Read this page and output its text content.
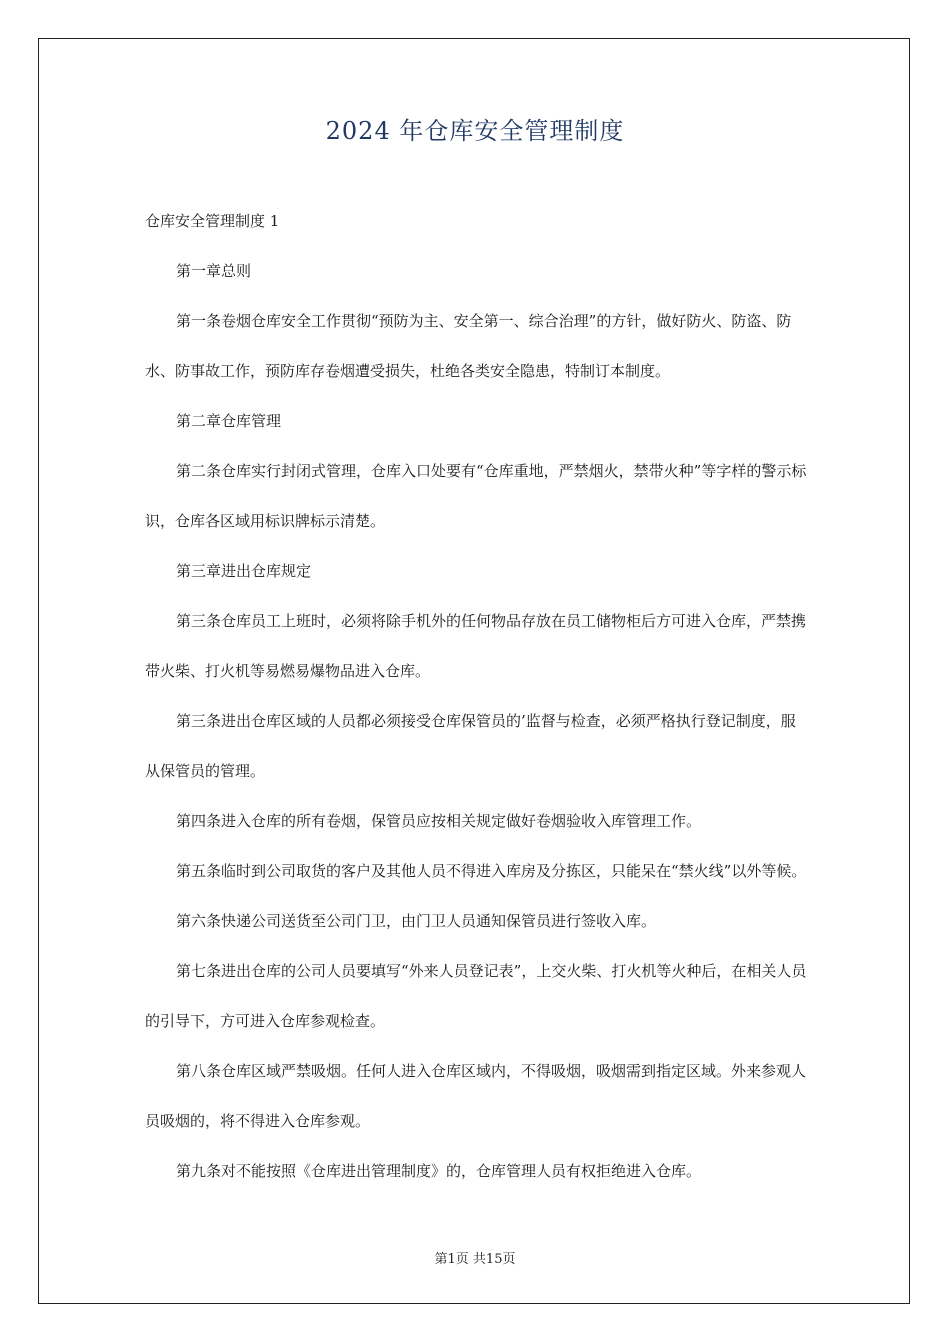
2024 年仓库安全管理制度

仓库安全管理制度 1

第一章总则

第一条卷烟仓库安全工作贯彻“预防为主、安全第一、综合治理”的方针，做好防火、防盗、防水、防事故工作，预防库存卷烟遭受损失，杜绝各类安全隐患，特制订本制度。

第二章仓库管理

第二条仓库实行封闭式管理，仓库入口处要有“仓库重地，严禁烟火，禁带火种”等字样的警示标识，仓库各区域用标识牌标示清楚。

第三章进出仓库规定

第三条仓库员工上班时，必须将除手机外的任何物品存放在员工储物柜后方可进入仓库，严禁携带火柴、打火机等易燃易爆物品进入仓库。

第三条进出仓库区域的人员都必须接受仓库保管员的’监督与检查，必须严格执行登记制度，服从保管员的管理。

第四条进入仓库的所有卷烟，保管员应按相关规定做好卷烟验收入库管理工作。

第五条临时到公司取货的客户及其他人员不得进入库房及分拣区，只能呆在“禁火线”以外等候。

第六条快递公司送货至公司门卫，由门卫人员通知保管员进行签收入库。

第七条进出仓库的公司人员要填写“外来人员登记表”，上交火柴、打火机等火种后，在相关人员的引导下，方可进入仓库参观检查。

第八条仓库区域严禁吸烟。任何人进入仓库区域内，不得吸烟，吸烟需到指定区域。外来参观人员吸烟的，将不得进入仓库参观。

第九条对不能按照《仓库进出管理制度》的，仓库管理人员有权拒绝进入仓库。

第1页 共15页
